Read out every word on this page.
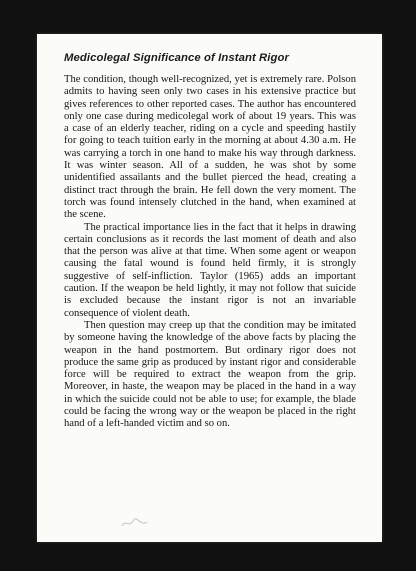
Medicolegal Significance of Instant Rigor

The condition, though well-recognized, yet is extremely rare. Polson admits to having seen only two cases in his extensive practice but gives references to other reported cases. The author has encountered only one case during medicolegal work of about 19 years. This was a case of an elderly teacher, riding on a cycle and speeding hastily for going to teach tuition early in the morning at about 4.30 a.m. He was carrying a torch in one hand to make his way through darkness. It was winter season. All of a sudden, he was shot by some unidentified assailants and the bullet pierced the head, creating a distinct tract through the brain. He fell down the very moment. The torch was found intensely clutched in the hand, when examined at the scene.

The practical importance lies in the fact that it helps in drawing certain conclusions as it records the last moment of death and also that the person was alive at that time. When some agent or weapon causing the fatal wound is found held firmly, it is strongly suggestive of self-infliction. Taylor (1965) adds an important caution. If the weapon be held lightly, it may not follow that suicide is excluded because the instant rigor is not an invariable consequence of violent death.

Then question may creep up that the condition may be imitated by someone having the knowledge of the above facts by placing the weapon in the hand postmortem. But ordinary rigor does not produce the same grip as produced by instant rigor and considerable force will be required to extract the weapon from the grip. Moreover, in haste, the weapon may be placed in the hand in a way in which the suicide could not be able to use; for example, the blade could be facing the wrong way or the weapon be placed in the right hand of a left-handed victim and so on.
